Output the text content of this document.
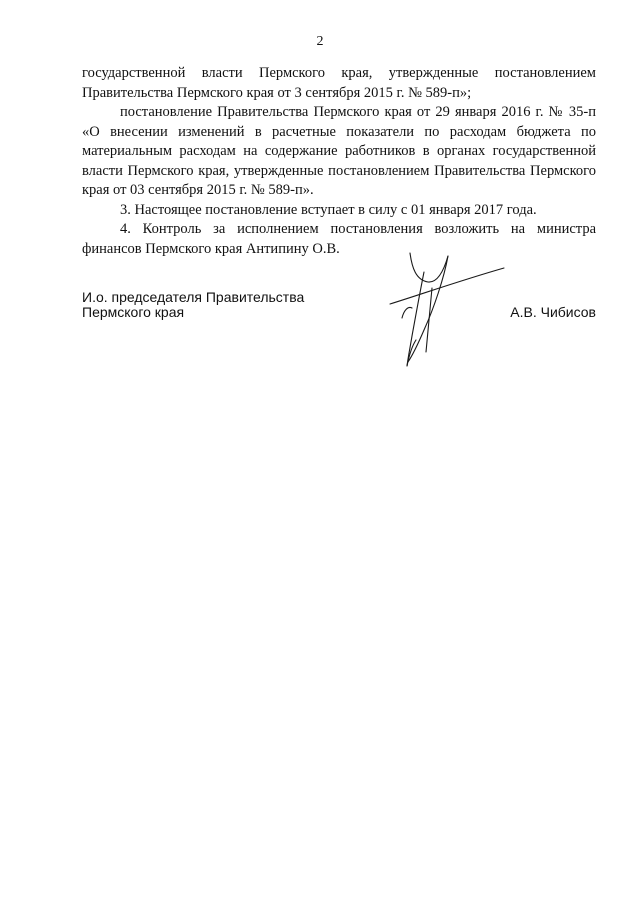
2

государственной власти Пермского края, утвержденные постановлением Правительства Пермского края от 3 сентября 2015 г. № 589-п»;

постановление Правительства Пермского края от 29 января 2016 г. № 35-п «О внесении изменений в расчетные показатели по расходам бюджета по материальным расходам на содержание работников в органах государственной власти Пермского края, утвержденные постановлением Правительства Пермского края от 03 сентября 2015 г. № 589-п».

3. Настоящее постановление вступает в силу с 01 января 2017 года.

4. Контроль за исполнением постановления возложить на министра финансов Пермского края Антипину О.В.

И.о. председателя Правительства
Пермского края	А.В. Чибисов
